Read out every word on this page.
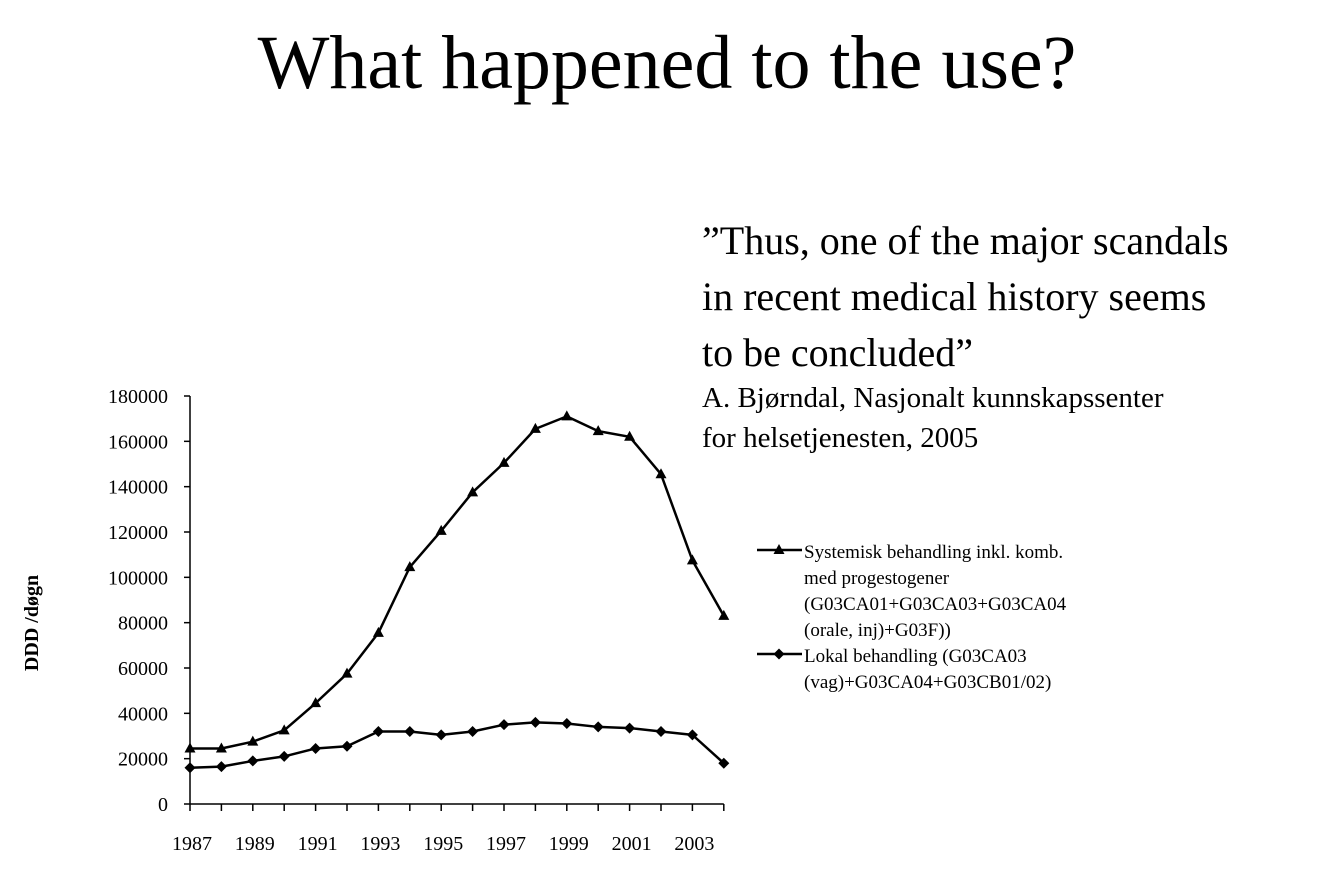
What happened to the use?
”Thus, one of the major scandals
in recent medical history seems
to be concluded”
A. Bjørndal, Nasjonalt kunnskapssenter
for helsetjenesten, 2005
0
20000
40000
60000
80000
100000
120000
140000
160000
180000
1987 1989 1991 1993 1995 1997 1999 2001 2003
DDD /døgn
Systemisk behandling inkl. komb.
med progestogener
(G03CA01+G03CA03+G03CA04
(orale, inj)+G03F))
Lokal behandling (G03CA03
(vag)+G03CA04+G03CB01/02)
